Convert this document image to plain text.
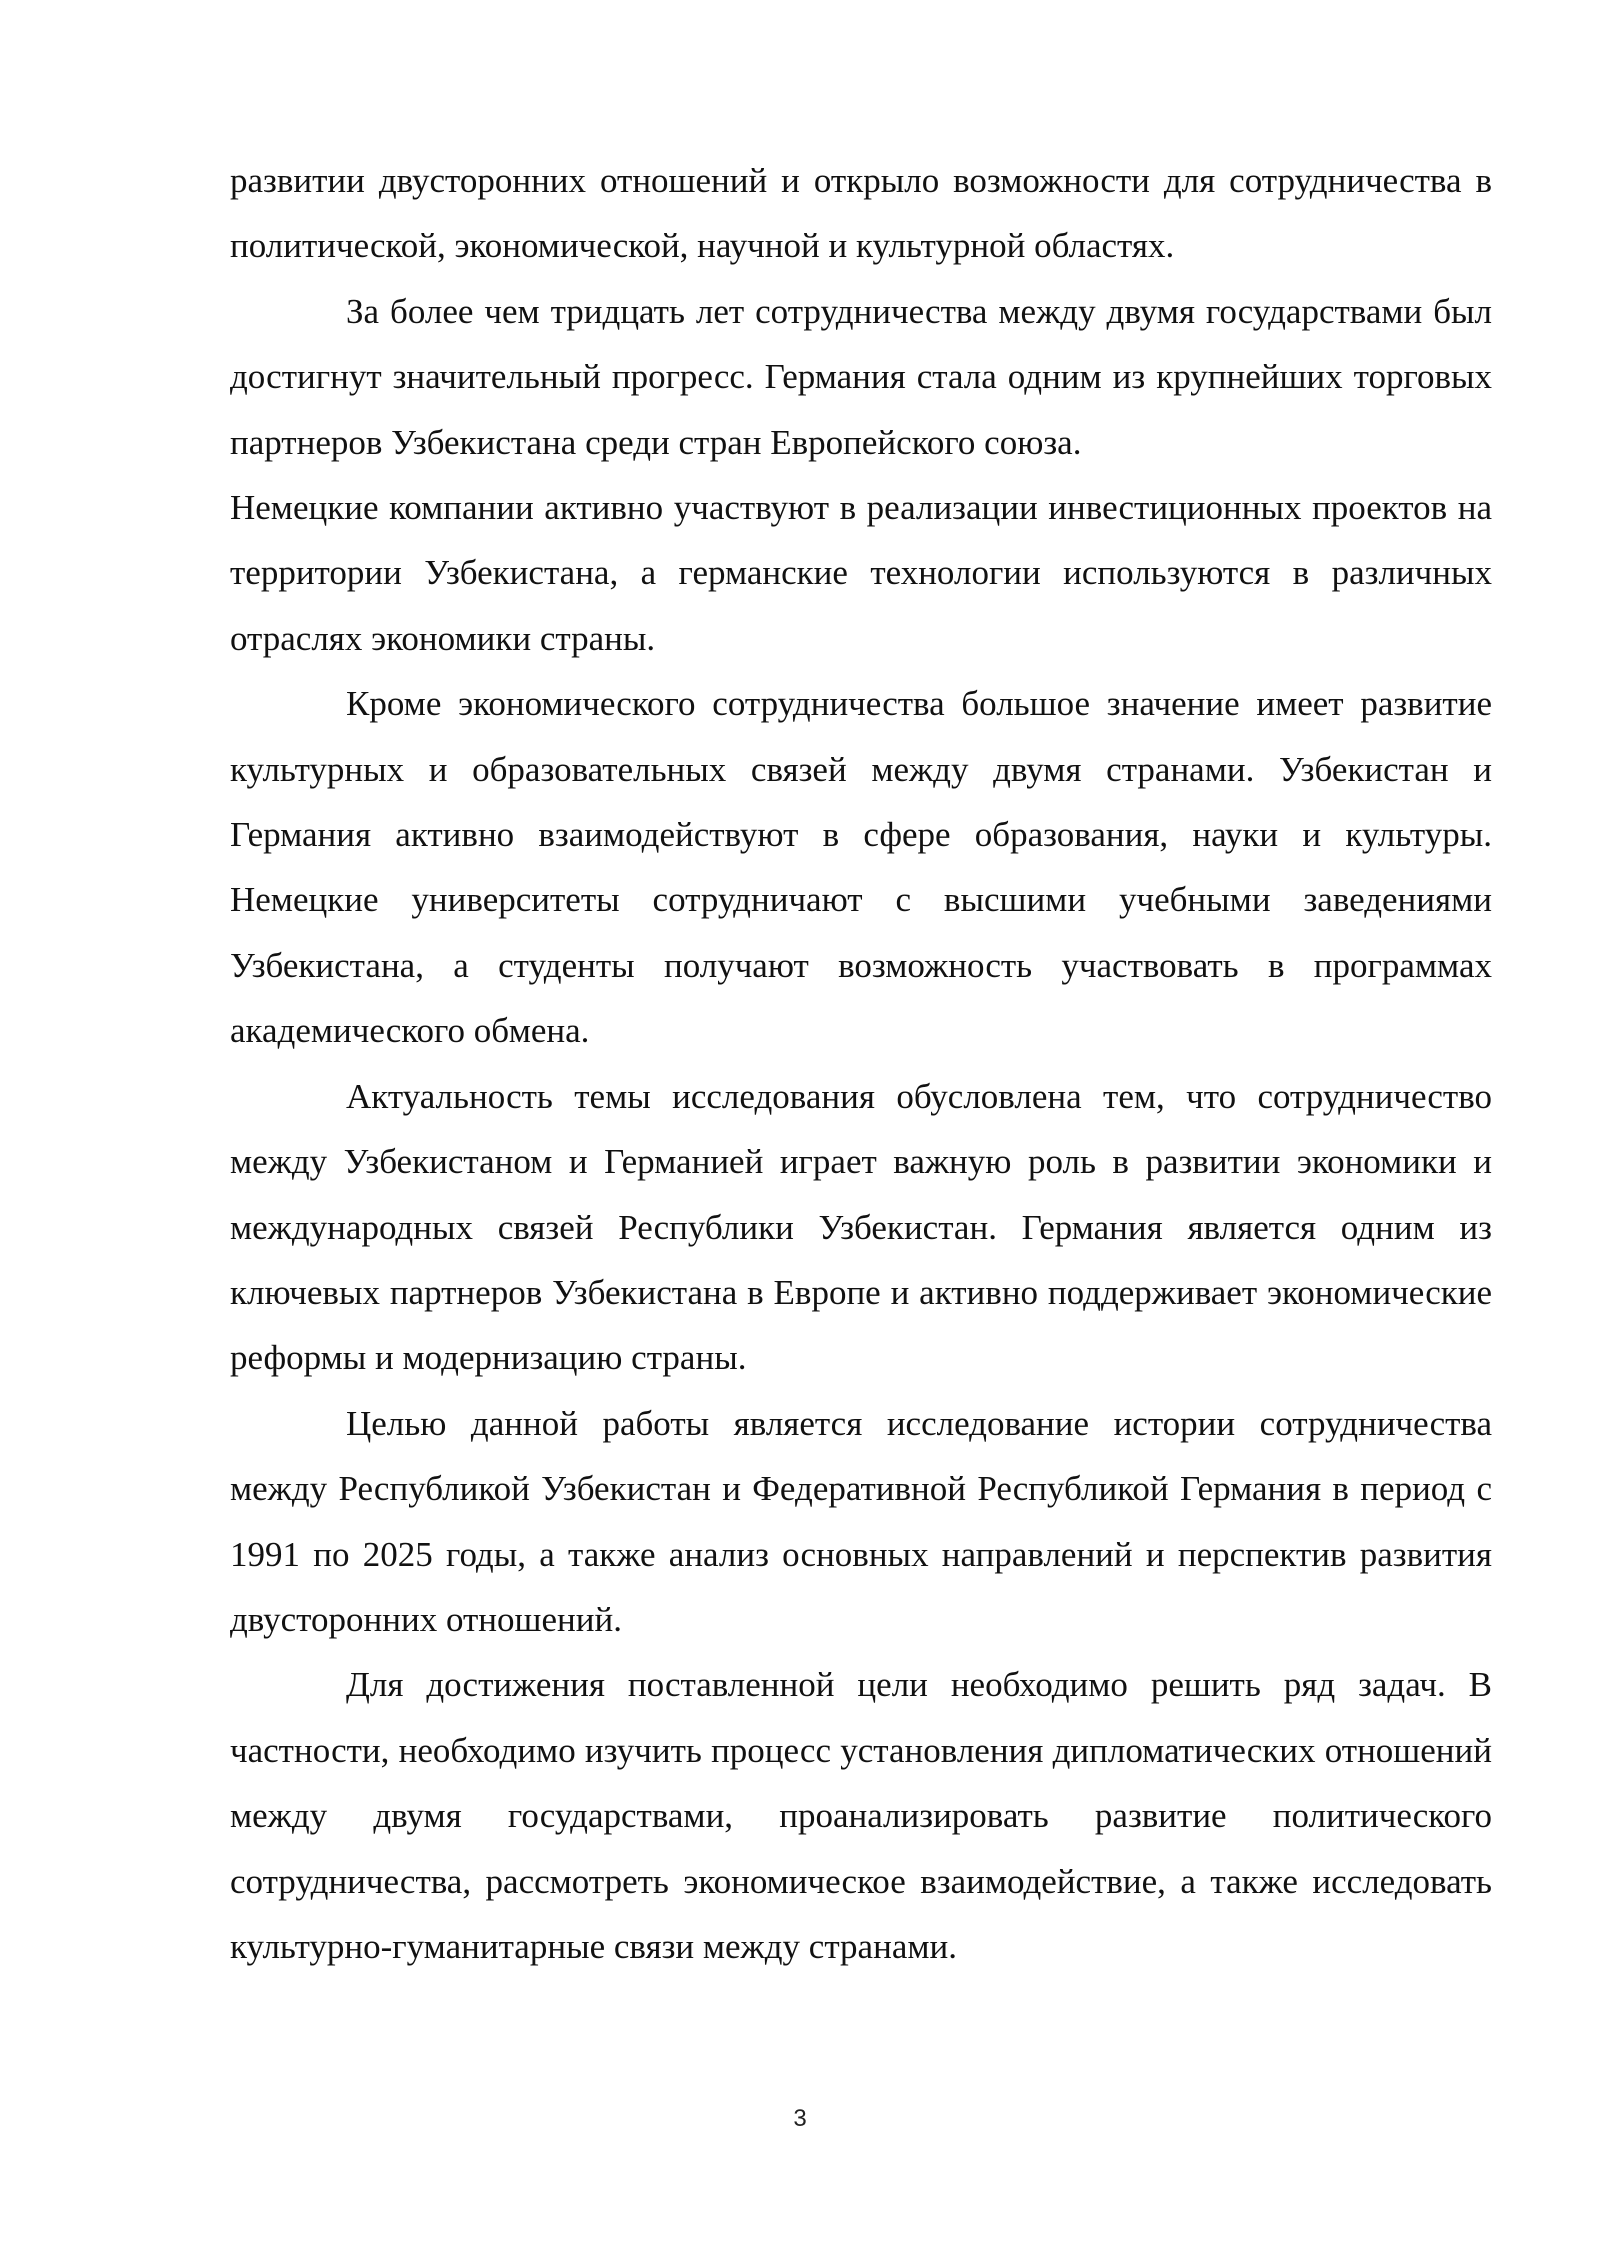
развитии двусторонних отношений и открыло возможности для сотрудничества в политической, экономической, научной и культурной областях.

За более чем тридцать лет сотрудничества между двумя государствами был достигнут значительный прогресс. Германия стала одним из крупнейших торговых партнеров Узбекистана среди стран Европейского союза.

Немецкие компании активно участвуют в реализации инвестиционных проектов на территории Узбекистана, а германские технологии используются в различных отраслях экономики страны.

Кроме экономического сотрудничества большое значение имеет развитие культурных и образовательных связей между двумя странами. Узбекистан и Германия активно взаимодействуют в сфере образования, науки и культуры. Немецкие университеты сотрудничают с высшими учебными заведениями Узбекистана, а студенты получают возможность участвовать в программах академического обмена.

Актуальность темы исследования обусловлена тем, что сотрудничество между Узбекистаном и Германией играет важную роль в развитии экономики и международных связей Республики Узбекистан. Германия является одним из ключевых партнеров Узбекистана в Европе и активно поддерживает экономические реформы и модернизацию страны.

Целью данной работы является исследование истории сотрудничества между Республикой Узбекистан и Федеративной Республикой Германия в период с 1991 по 2025 годы, а также анализ основных направлений и перспектив развития двусторонних отношений.

Для достижения поставленной цели необходимо решить ряд задач. В частности, необходимо изучить процесс установления дипломатических отношений между двумя государствами, проанализировать развитие политического сотрудничества, рассмотреть экономическое взаимодействие, а также исследовать культурно-гуманитарные связи между странами.

3
